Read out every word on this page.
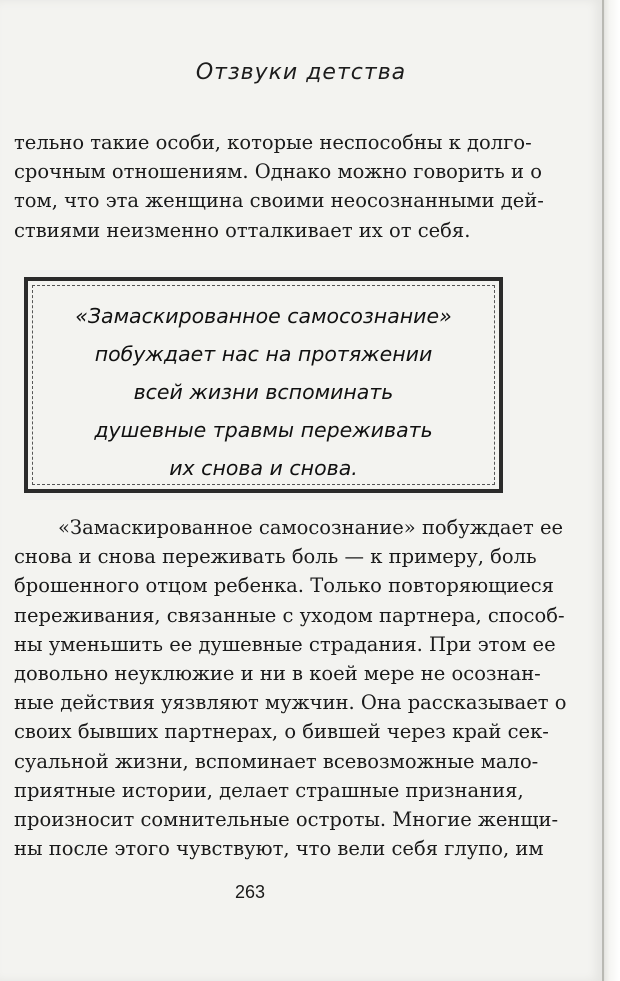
Отзвуки детства
тельно такие особи, которые неспособны к долго-
срочным отношениям. Однако можно говорить и о
том, что эта женщина своими неосознанными дей-
ствиями неизменно отталкивает их от себя.
«Замаскированное самосознание»
побуждает нас на протяжении
всей жизни вспоминать
душевные травмы переживать
их снова и снова.
«Замаскированное самосознание» побуждает ее
снова и снова переживать боль — к примеру, боль
брошенного отцом ребенка. Только повторяющиеся
переживания, связанные с уходом партнера, способ-
ны уменьшить ее душевные страдания. При этом ее
довольно неуклюжие и ни в коей мере не осознан-
ные действия уязвляют мужчин. Она рассказывает о
своих бывших партнерах, о бившей через край сек-
суальной жизни, вспоминает всевозможные мало-
приятные истории, делает страшные признания,
произносит сомнительные остроты. Многие женщи-
ны после этого чувствуют, что вели себя глупо, им
263
